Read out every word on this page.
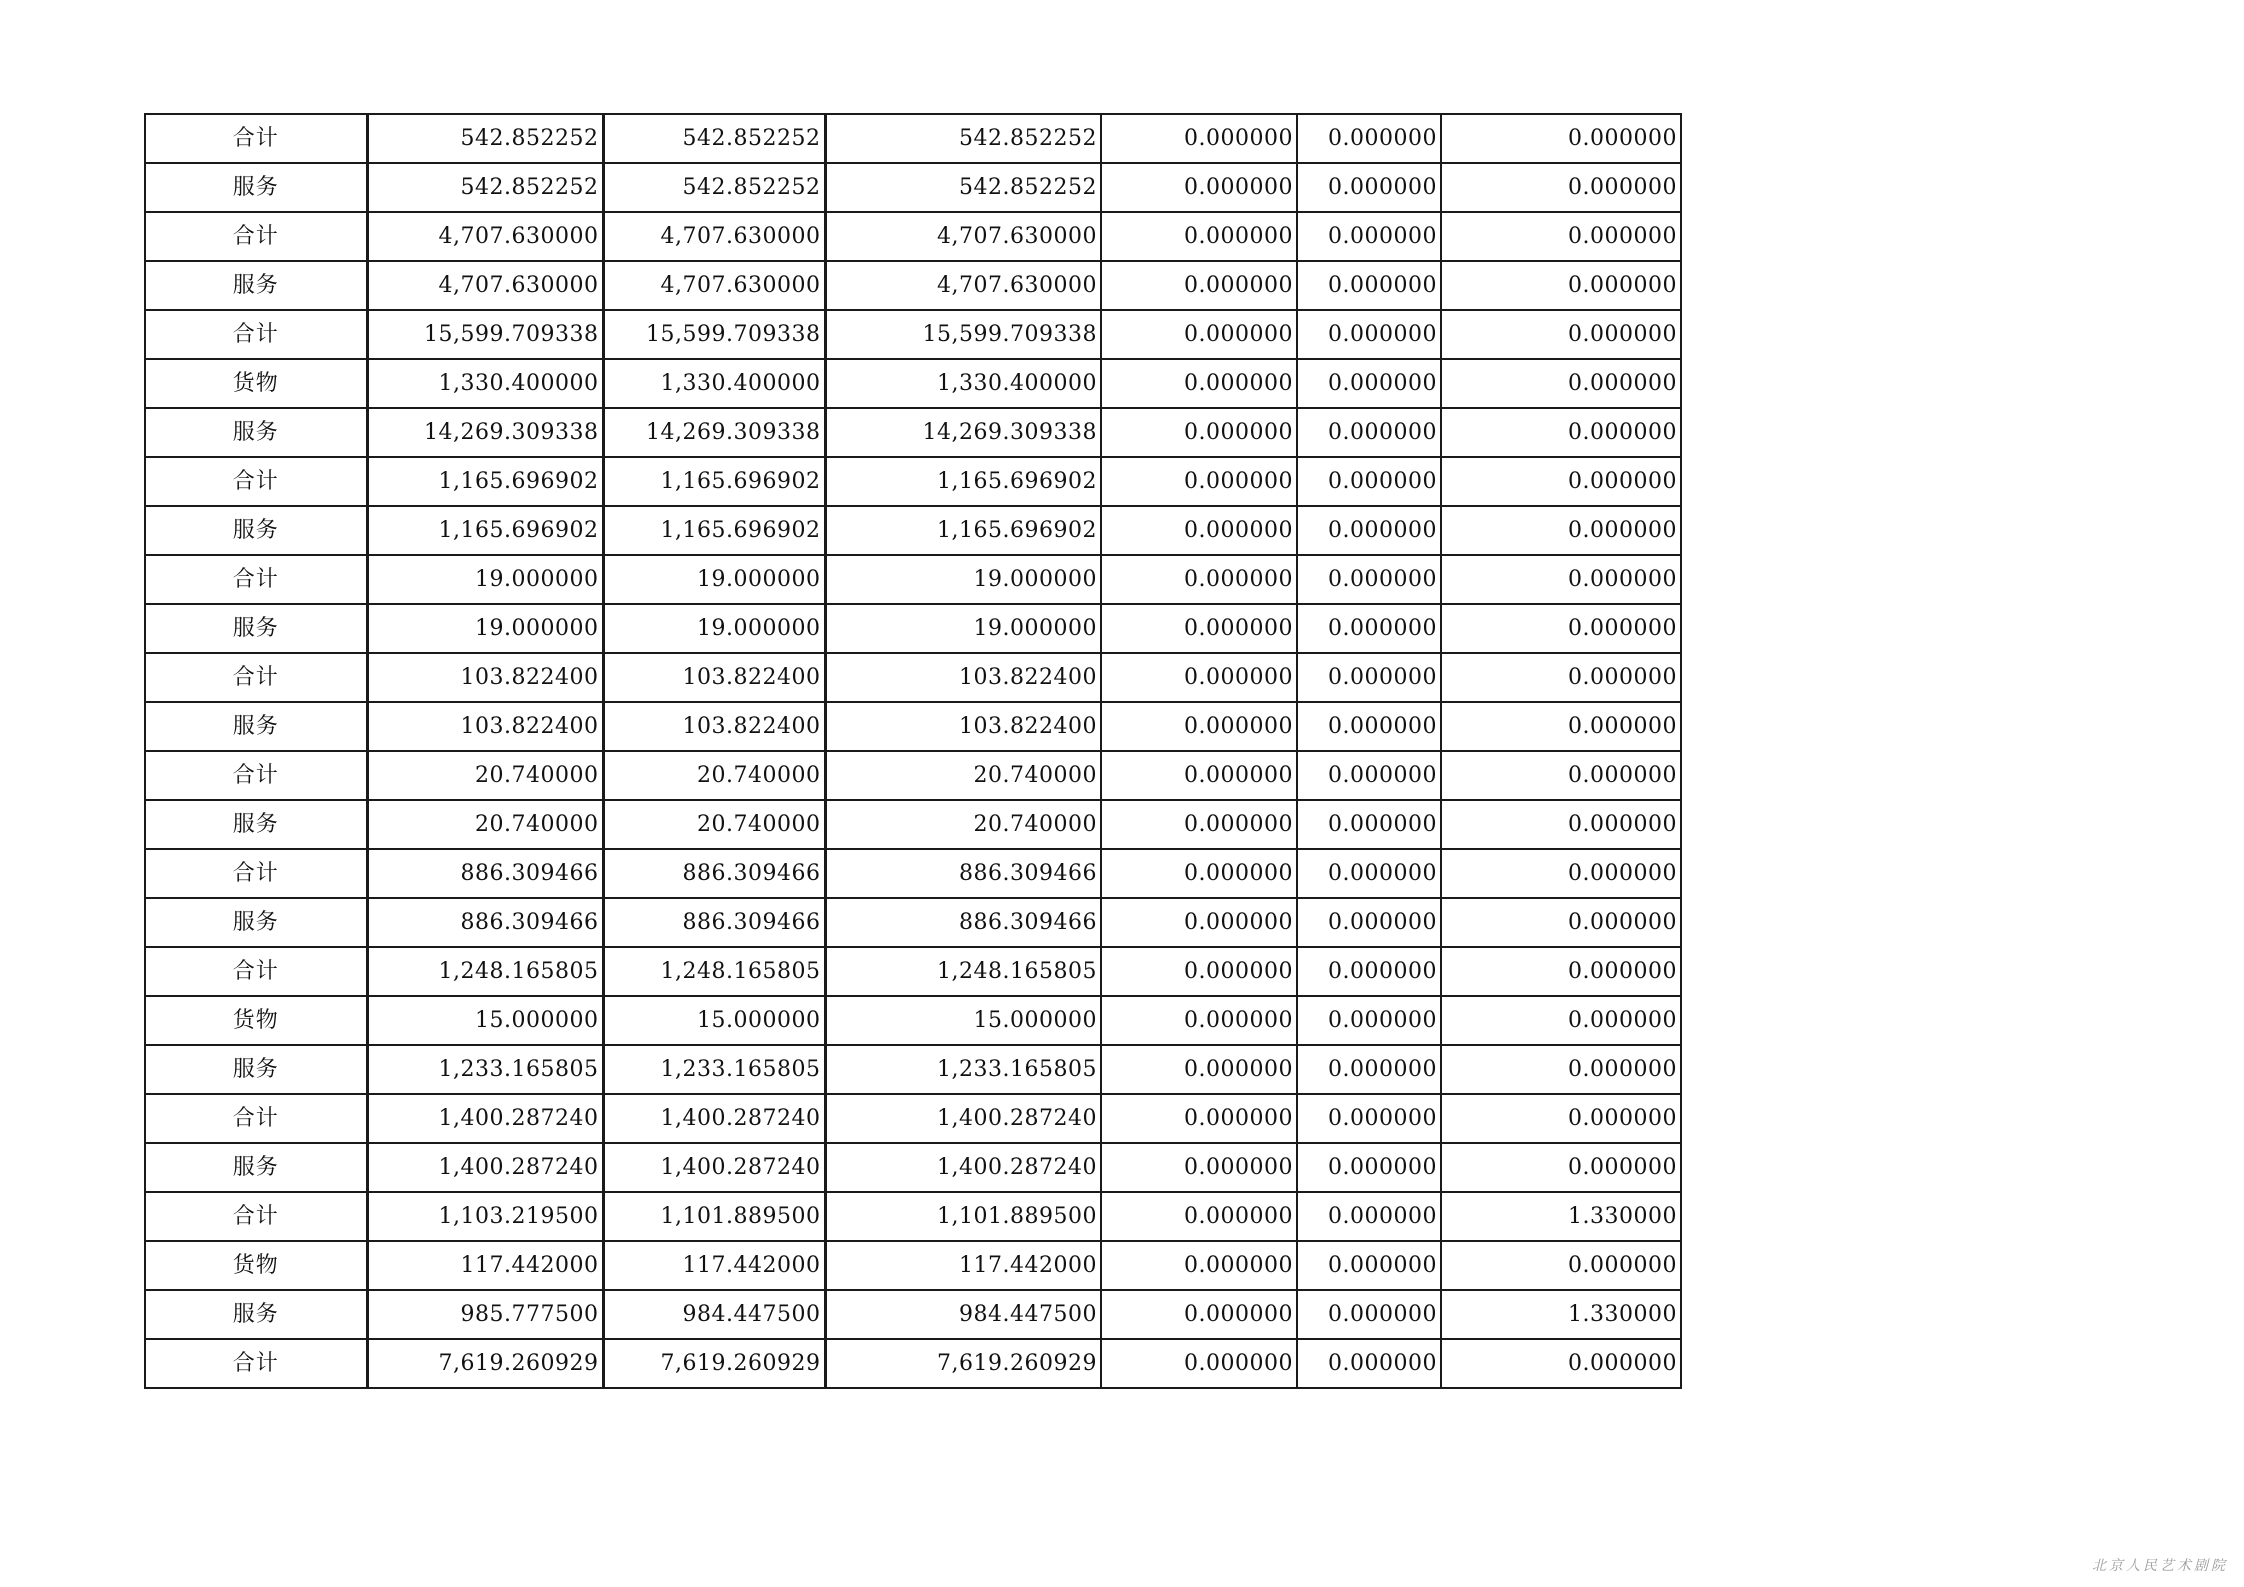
合计	542.852252	542.852252	542.852252	0.000000	0.000000	0.000000
服务	542.852252	542.852252	542.852252	0.000000	0.000000	0.000000
合计	4,707.630000	4,707.630000	4,707.630000	0.000000	0.000000	0.000000
服务	4,707.630000	4,707.630000	4,707.630000	0.000000	0.000000	0.000000
合计	15,599.709338	15,599.709338	15,599.709338	0.000000	0.000000	0.000000
货物	1,330.400000	1,330.400000	1,330.400000	0.000000	0.000000	0.000000
服务	14,269.309338	14,269.309338	14,269.309338	0.000000	0.000000	0.000000
合计	1,165.696902	1,165.696902	1,165.696902	0.000000	0.000000	0.000000
服务	1,165.696902	1,165.696902	1,165.696902	0.000000	0.000000	0.000000
合计	19.000000	19.000000	19.000000	0.000000	0.000000	0.000000
服务	19.000000	19.000000	19.000000	0.000000	0.000000	0.000000
合计	103.822400	103.822400	103.822400	0.000000	0.000000	0.000000
服务	103.822400	103.822400	103.822400	0.000000	0.000000	0.000000
合计	20.740000	20.740000	20.740000	0.000000	0.000000	0.000000
服务	20.740000	20.740000	20.740000	0.000000	0.000000	0.000000
合计	886.309466	886.309466	886.309466	0.000000	0.000000	0.000000
服务	886.309466	886.309466	886.309466	0.000000	0.000000	0.000000
合计	1,248.165805	1,248.165805	1,248.165805	0.000000	0.000000	0.000000
货物	15.000000	15.000000	15.000000	0.000000	0.000000	0.000000
服务	1,233.165805	1,233.165805	1,233.165805	0.000000	0.000000	0.000000
合计	1,400.287240	1,400.287240	1,400.287240	0.000000	0.000000	0.000000
服务	1,400.287240	1,400.287240	1,400.287240	0.000000	0.000000	0.000000
合计	1,103.219500	1,101.889500	1,101.889500	0.000000	0.000000	1.330000
货物	117.442000	117.442000	117.442000	0.000000	0.000000	0.000000
服务	985.777500	984.447500	984.447500	0.000000	0.000000	1.330000
合计	7,619.260929	7,619.260929	7,619.260929	0.000000	0.000000	0.000000
北京人民艺术剧院
